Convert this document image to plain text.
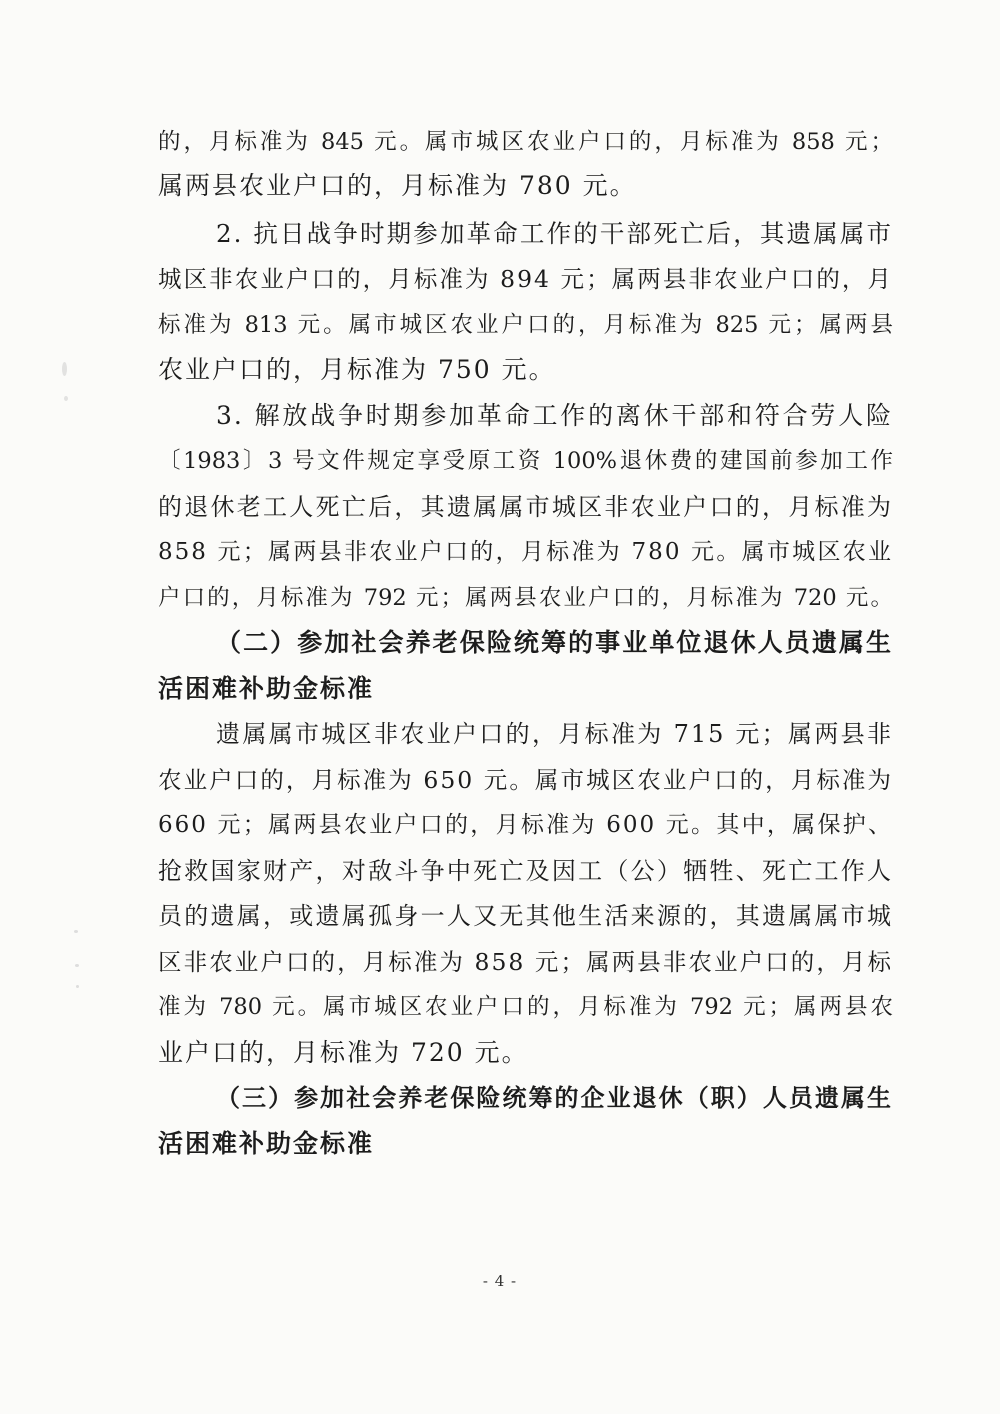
的，月标准为 845 元。属市城区农业户口的，月标准为 858 元；
属两县农业户口的，月标准为 780 元。
2. 抗日战争时期参加革命工作的干部死亡后，其遗属属市
城区非农业户口的，月标准为 894 元；属两县非农业户口的，月
标准为 813 元。属市城区农业户口的，月标准为 825 元；属两县
农业户口的，月标准为 750 元。
3. 解放战争时期参加革命工作的离休干部和符合劳人险
〔1983〕3 号文件规定享受原工资 100%退休费的建国前参加工作
的退休老工人死亡后，其遗属属市城区非农业户口的，月标准为
858 元；属两县非农业户口的，月标准为 780 元。属市城区农业
户口的，月标准为 792 元；属两县农业户口的，月标准为 720 元。
（二）参加社会养老保险统筹的事业单位退休人员遗属生
活困难补助金标准
遗属属市城区非农业户口的，月标准为 715 元；属两县非
农业户口的，月标准为 650 元。属市城区农业户口的，月标准为
660 元；属两县农业户口的，月标准为 600 元。其中，属保护、
抢救国家财产，对敌斗争中死亡及因工（公）牺牲、死亡工作人
员的遗属，或遗属孤身一人又无其他生活来源的，其遗属属市城
区非农业户口的，月标准为 858 元；属两县非农业户口的，月标
准为 780 元。属市城区农业户口的，月标准为 792 元；属两县农
业户口的，月标准为 720 元。
（三）参加社会养老保险统筹的企业退休（职）人员遗属生
活困难补助金标准
- 4 -
